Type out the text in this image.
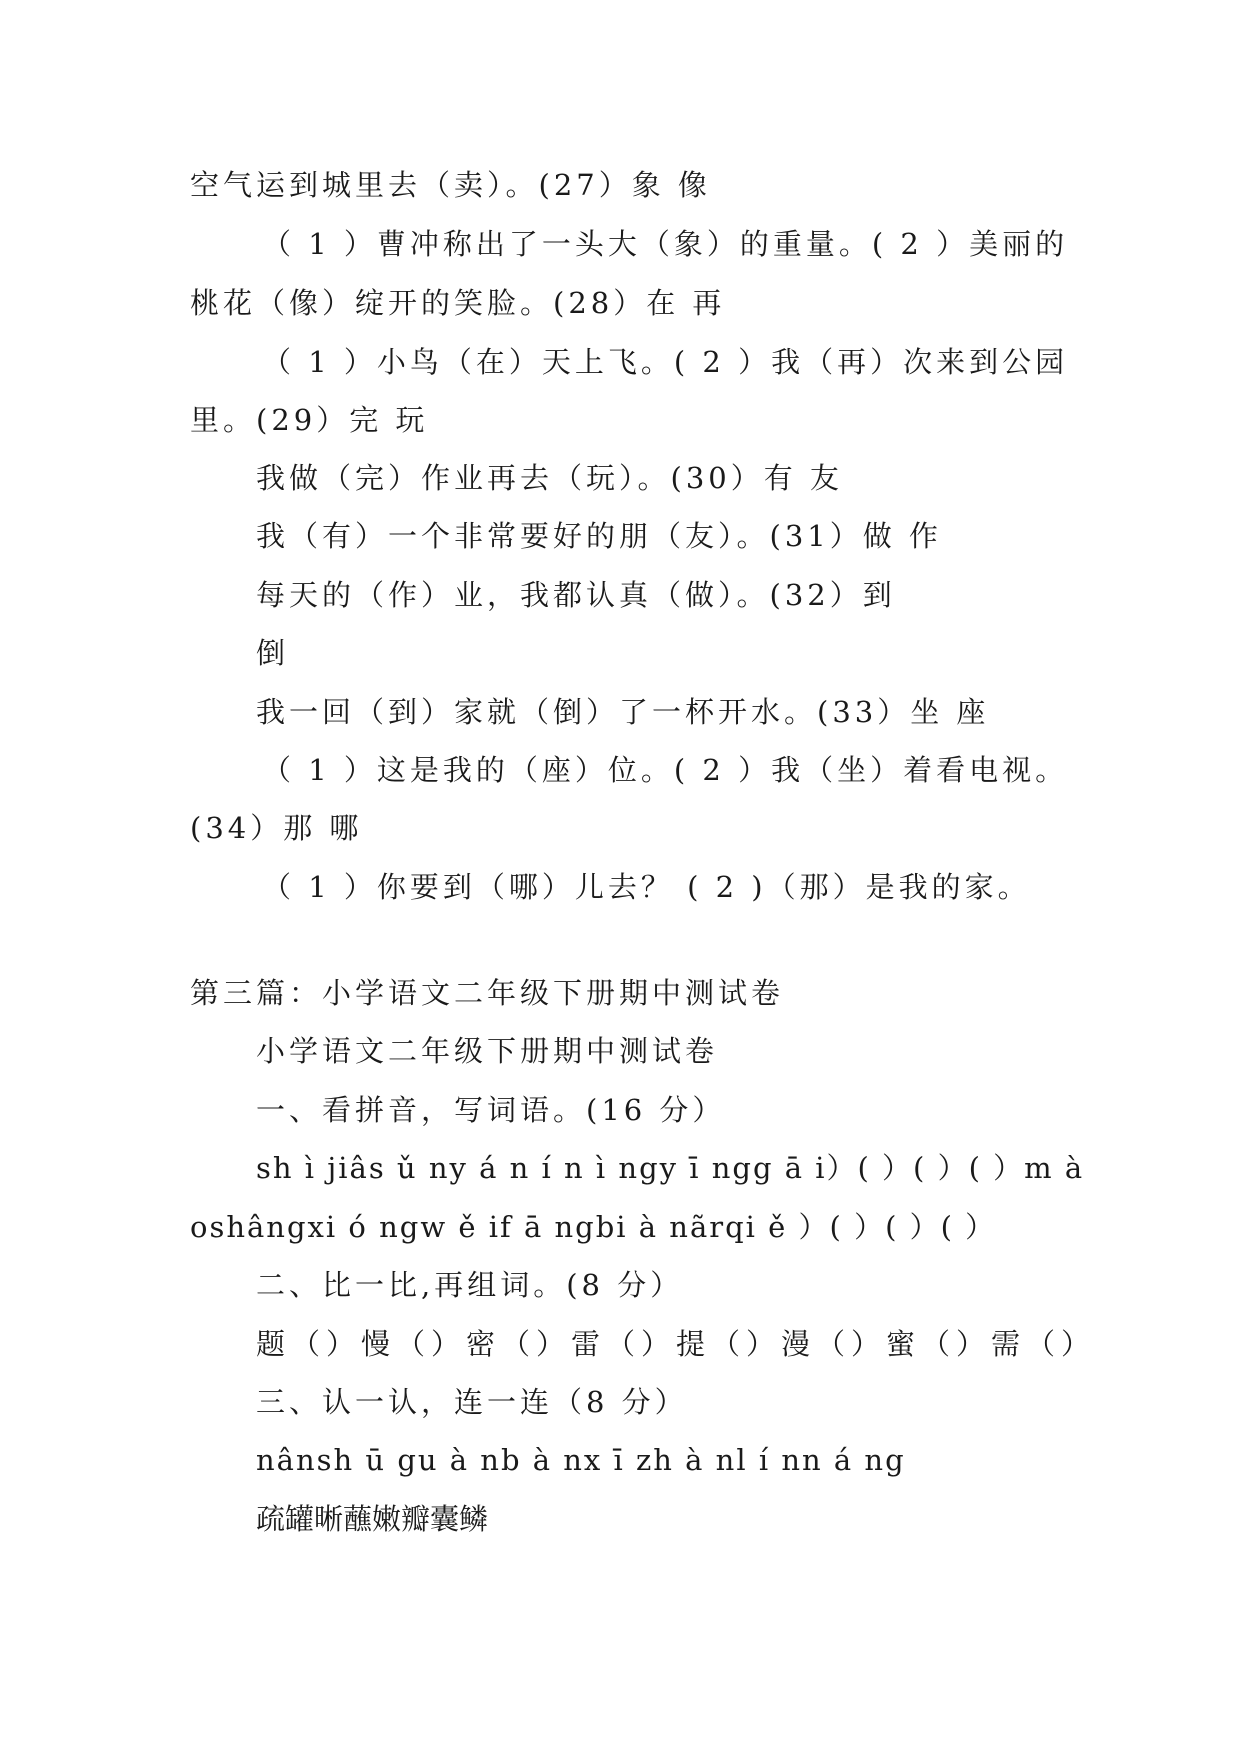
空气运到城里去（卖）。(27）象 像
（ 1 ）曹冲称出了一头大（象）的重量。( 2 ）美丽的
桃花（像）绽开的笑脸。(28）在 再
（ 1 ）小鸟（在）天上飞。( 2 ）我（再）次来到公园
里。(29）完 玩
我做（完）作业再去（玩）。(30）有 友
我（有）一个非常要好的朋（友）。(31）做 作
每天的（作）业，我都认真（做）。(32）到
倒
我一回（到）家就（倒）了一杯开水。(33）坐 座
（ 1 ）这是我的（座）位。( 2 ）我（坐）着看电视。
(34）那 哪
（ 1 ）你要到（哪）儿去？ ( 2 )（那）是我的家。
第三篇：小学语文二年级下册期中测试卷
小学语文二年级下册期中测试卷
一、看拼音，写词语。(16 分）
sh ì jiâs ǔ ny á n í n ì ngy ī ngg ā i）( ）( ）( ）m à
oshângxi ó ngw ě if ā ngbi à nãrqi ě ）( ）( ）( ）
二、比一比,再组词。(8 分）
题（）慢（）密（）雷（）提（）漫（）蜜（）需（）
三、认一认，连一连（8 分）
nânsh ū gu à nb à nx ī zh à nl í nn á ng
疏罐晰蘸嫩瓣囊鳞
